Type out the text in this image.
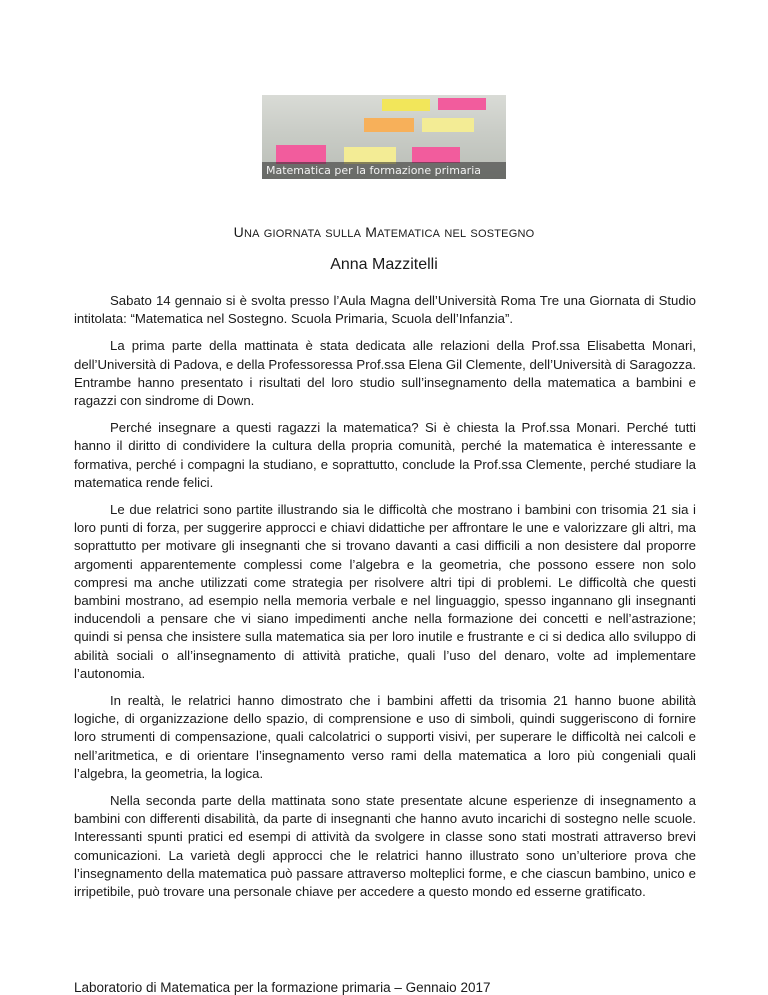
Matematica per la formazione primaria
UNA GIORNATA SULLA MATEMATICA NEL SOSTEGNO
Anna Mazzitelli

Sabato 14 gennaio si è svolta presso l’Aula Magna dell’Università Roma Tre una Giornata di Studio intitolata: “Matematica nel Sostegno. Scuola Primaria, Scuola dell’Infanzia”.

La prima parte della mattinata è stata dedicata alle relazioni della Prof.ssa Elisabetta Monari, dell’Università di Padova, e della Professoressa Prof.ssa Elena Gil Clemente, dell’Università di Saragozza. Entrambe hanno presentato i risultati del loro studio sull’insegnamento della matematica a bambini e ragazzi con sindrome di Down.

Perché insegnare a questi ragazzi la matematica? Si è chiesta la Prof.ssa Monari. Perché tutti hanno il diritto di condividere la cultura della propria comunità, perché la matematica è interessante e formativa, perché i compagni la studiano, e soprattutto, conclude la Prof.ssa Clemente, perché studiare la matematica rende felici.

Le due relatrici sono partite illustrando sia le difficoltà che mostrano i bambini con trisomia 21 sia i loro punti di forza, per suggerire approcci e chiavi didattiche per affrontare le une e valorizzare gli altri, ma soprattutto per motivare gli insegnanti che si trovano davanti a casi difficili a non desistere dal proporre argomenti apparentemente complessi come l’algebra e la geometria, che possono essere non solo compresi ma anche utilizzati come strategia per risolvere altri tipi di problemi. Le difficoltà che questi bambini mostrano, ad esempio nella memoria verbale e nel linguaggio, spesso ingannano gli insegnanti inducendoli a pensare che vi siano impedimenti anche nella formazione dei concetti e nell’astrazione; quindi si pensa che insistere sulla matematica sia per loro inutile e frustrante e ci si dedica allo sviluppo di abilità sociali o all’insegnamento di attività pratiche, quali l’uso del denaro, volte ad implementare l’autonomia.

In realtà, le relatrici hanno dimostrato che i bambini affetti da trisomia 21 hanno buone abilità logiche, di organizzazione dello spazio, di comprensione e uso di simboli, quindi suggeriscono di fornire loro strumenti di compensazione, quali calcolatrici o supporti visivi, per superare le difficoltà nei calcoli e nell’aritmetica, e di orientare l’insegnamento verso rami della matematica a loro più congeniali quali l’algebra, la geometria, la logica.

Nella seconda parte della mattinata sono state presentate alcune esperienze di insegnamento a bambini con differenti disabilità, da parte di insegnanti che hanno avuto incarichi di sostegno nelle scuole. Interessanti spunti pratici ed esempi di attività da svolgere in classe sono stati mostrati attraverso brevi comunicazioni. La varietà degli approcci che le relatrici hanno illustrato sono un’ulteriore prova che l’insegnamento della matematica può passare attraverso molteplici forme, e che ciascun bambino, unico e irripetibile, può trovare una personale chiave per accedere a questo mondo ed esserne gratificato.

Laboratorio di Matematica per la formazione primaria – Gennaio 2017
